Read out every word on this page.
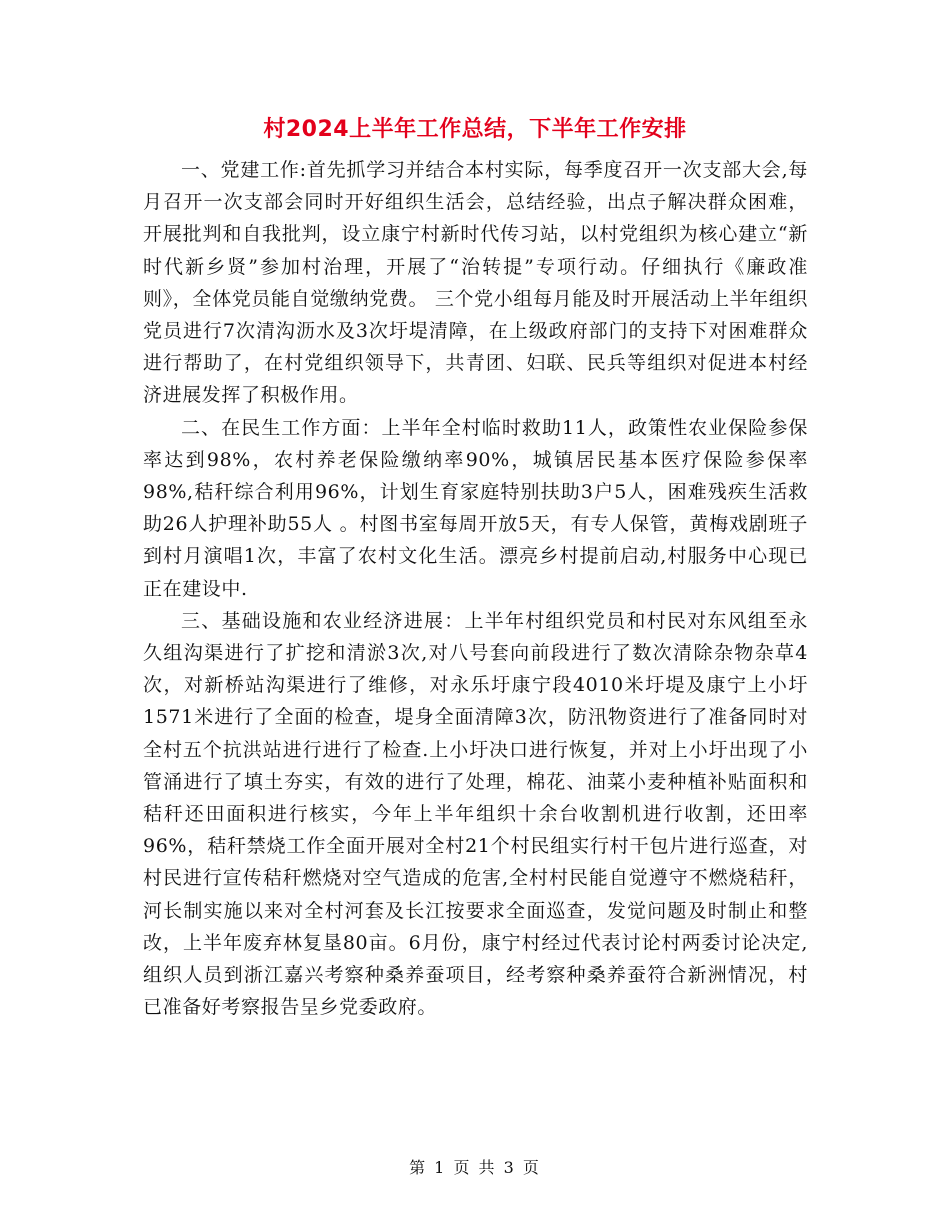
村2024上半年工作总结，下半年工作安排

一、党建工作:首先抓学习并结合本村实际，每季度召开一次支部大会,每月召开一次支部会同时开好组织生活会，总结经验，出点子解决群众困难，开展批判和自我批判，设立康宁村新时代传习站，以村党组织为核心建立“新时代新乡贤”参加村治理，开展了“治转提”专项行动。仔细执行《廉政准则》，全体党员能自觉缴纳党费。 三个党小组每月能及时开展活动上半年组织党员进行7次清沟沥水及3次圩堤清障，在上级政府部门的支持下对困难群众进行帮助了，在村党组织领导下，共青团、妇联、民兵等组织对促进本村经济进展发挥了积极作用。

二、在民生工作方面：上半年全村临时救助11人，政策性农业保险参保率达到98%，农村养老保险缴纳率90%，城镇居民基本医疗保险参保率98%,秸秆综合利用96%，计划生育家庭特别扶助3户5人，困难残疾生活救助26人护理补助55人 。村图书室每周开放5天，有专人保管，黄梅戏剧班子到村月演唱1次，丰富了农村文化生活。漂亮乡村提前启动,村服务中心现已正在建设中.

三、基础设施和农业经济进展：上半年村组织党员和村民对东风组至永久组沟渠进行了扩挖和清淤3次,对八号套向前段进行了数次清除杂物杂草4次，对新桥站沟渠进行了维修，对永乐圩康宁段4010米圩堤及康宁上小圩1571米进行了全面的检查，堤身全面清障3次，防汛物资进行了准备同时对全村五个抗洪站进行进行了检查.上小圩决口进行恢复，并对上小圩出现了小管涌进行了填土夯实，有效的进行了处理，棉花、油菜小麦种植补贴面积和秸秆还田面积进行核实，今年上半年组织十余台收割机进行收割，还田率96%，秸秆禁烧工作全面开展对全村21个村民组实行村干包片进行巡查，对村民进行宣传秸秆燃烧对空气造成的危害,全村村民能自觉遵守不燃烧秸秆，河长制实施以来对全村河套及长江按要求全面巡查，发觉问题及时制止和整改，上半年废弃林复垦80亩。6月份，康宁村经过代表讨论村两委讨论决定,组织人员到浙江嘉兴考察种桑养蚕项目，经考察种桑养蚕符合新洲情况，村已准备好考察报告呈乡党委政府。

第 1 页 共 3 页
